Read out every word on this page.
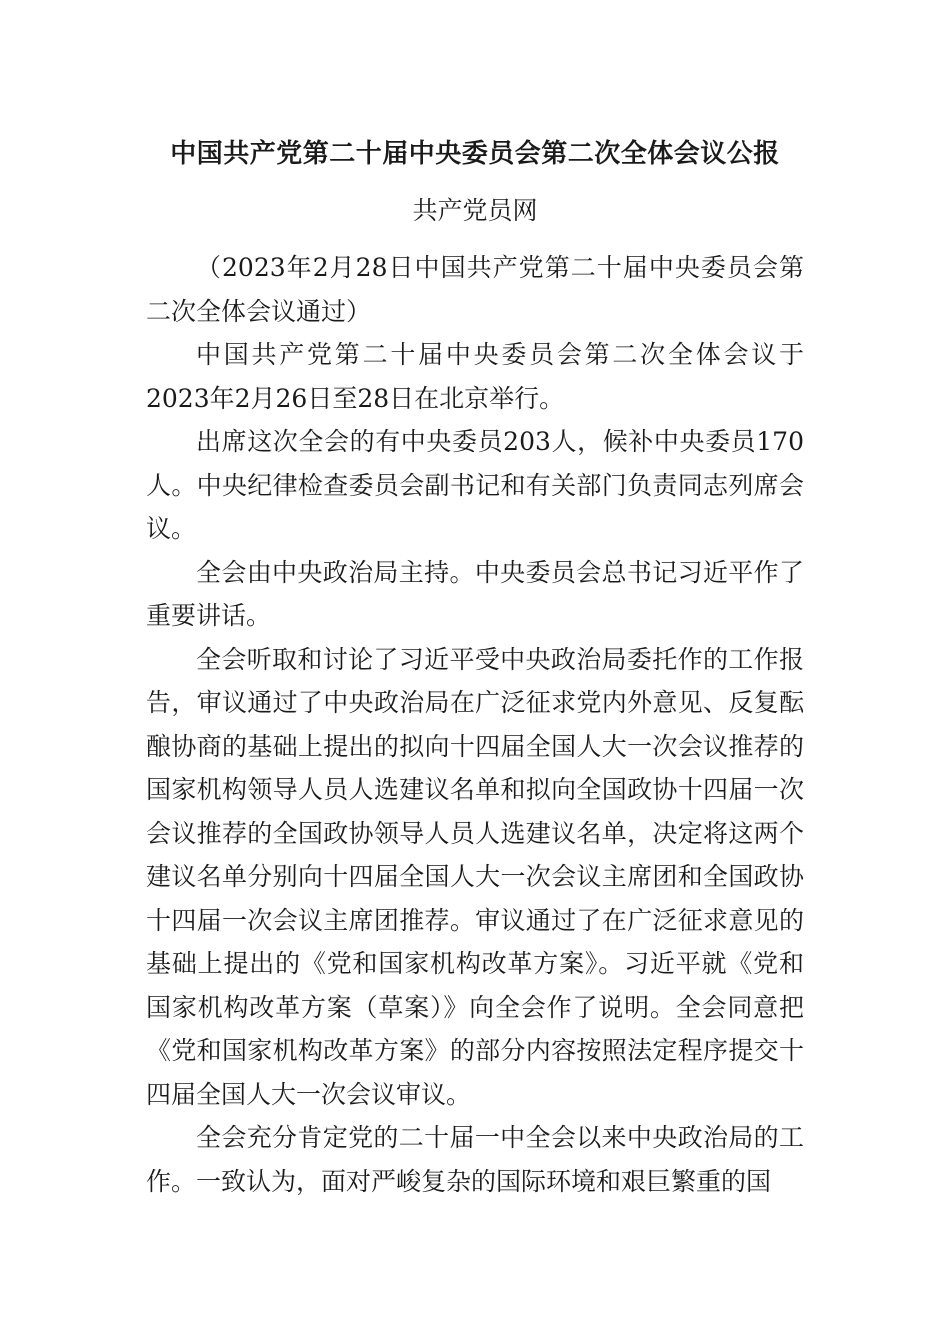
中国共产党第二十届中央委员会第二次全体会议公报
共产党员网

（2023年2月28日中国共产党第二十届中央委员会第二次全体会议通过）

中国共产党第二十届中央委员会第二次全体会议于2023年2月26日至28日在北京举行。

出席这次全会的有中央委员203人，候补中央委员170人。中央纪律检查委员会副书记和有关部门负责同志列席会议。

全会由中央政治局主持。中央委员会总书记习近平作了重要讲话。

全会听取和讨论了习近平受中央政治局委托作的工作报告，审议通过了中央政治局在广泛征求党内外意见、反复酝酿协商的基础上提出的拟向十四届全国人大一次会议推荐的国家机构领导人员人选建议名单和拟向全国政协十四届一次会议推荐的全国政协领导人员人选建议名单，决定将这两个建议名单分别向十四届全国人大一次会议主席团和全国政协十四届一次会议主席团推荐。审议通过了在广泛征求意见的基础上提出的《党和国家机构改革方案》。习近平就《党和国家机构改革方案（草案）》向全会作了说明。全会同意把《党和国家机构改革方案》的部分内容按照法定程序提交十四届全国人大一次会议审议。

全会充分肯定党的二十届一中全会以来中央政治局的工作。一致认为，面对严峻复杂的国际环境和艰巨繁重的国
